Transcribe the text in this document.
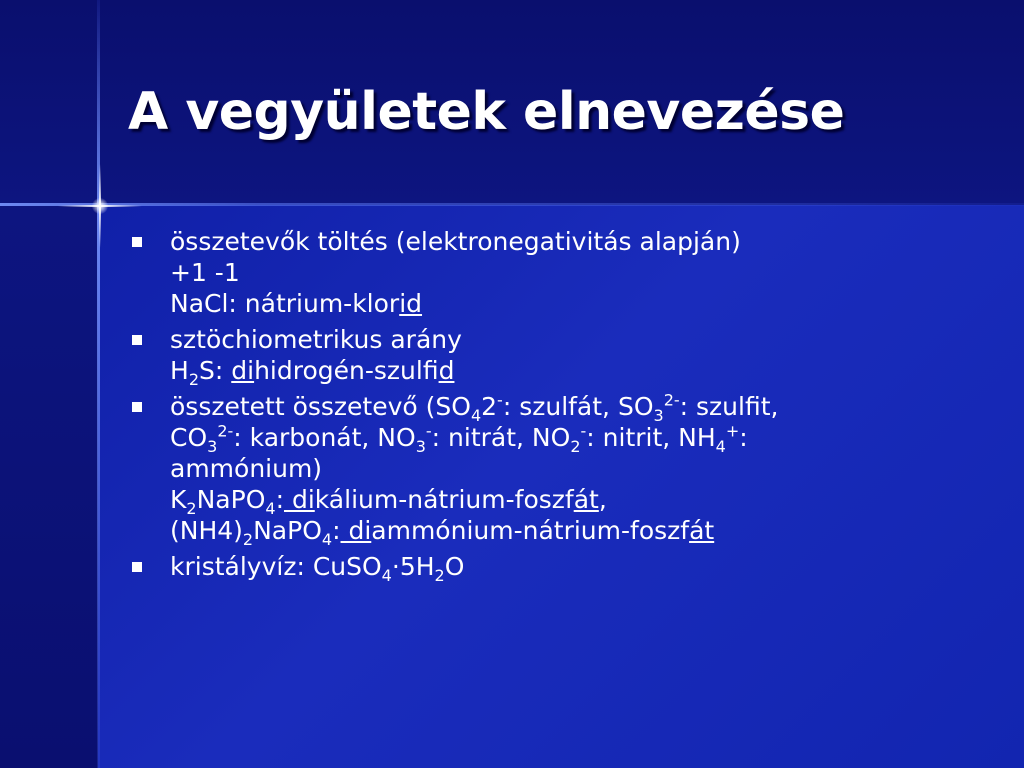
A vegyületek elnevezése
összetevők töltés (elektronegativitás alapján)
+1 -1
NaCl: nátrium-klorid
sztöchiometrikus arány
$H_2S$: dihidrogén-szulfid
összetett összetevő ($SO_42^-$: szulfát, $SO_3^{2-}$: szulfit,
$CO_3^{2-}$: karbonát, $NO_3^-$: nitrát, $NO_2^-$: nitrit, $NH_4^+$:
ammónium)
$K_2NaPO_4$: dikálium-nátrium-foszfát,
$(NH4)_2NaPO_4$: diammónium-nátrium-foszfát
kristályvíz: $CuSO_4\cdot 5H_2O$
